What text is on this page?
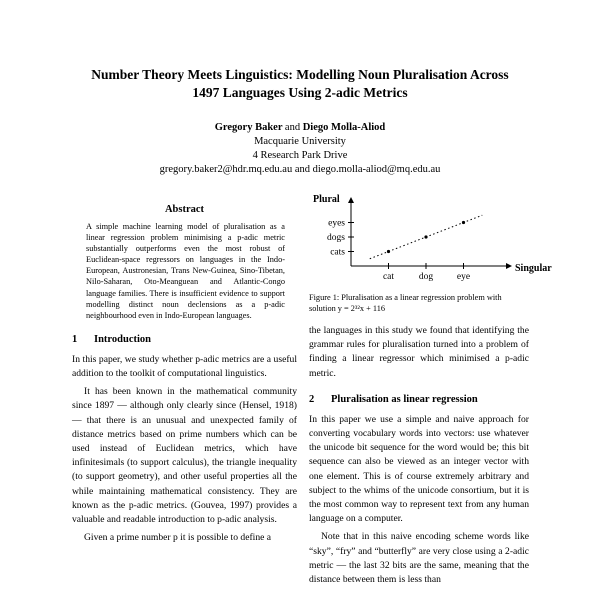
Number Theory Meets Linguistics: Modelling Noun Pluralisation Across
1497 Languages Using 2-adic Metrics
Gregory Baker and Diego Molla-Aliod
Macquarie University
4 Research Park Drive
gregory.baker2@hdr.mq.edu.au and diego.molla-aliod@mq.edu.au
Abstract

A simple machine learning model of pluralisation as a linear regression problem minimising a p-adic metric substantially outperforms even the most robust of Euclidean-space regressors on languages in the Indo-European, Austronesian, Trans New-Guinea, Sino-Tibetan, Nilo-Saharan, Oto-Meanguean and Atlantic-Congo language families. There is insufficient evidence to support modelling distinct noun declensions as a p-adic neighbourhood even in Indo-European languages.

1 Introduction

In this paper, we study whether p-adic metrics are a useful addition to the toolkit of computational linguistics.

It has been known in the mathematical community since 1897 — although only clearly since (Hensel, 1918) — that there is an unusual and unexpected family of distance metrics based on prime numbers which can be used instead of Euclidean metrics, which have infinitesimals (to support calculus), the triangle inequality (to support geometry), and other useful properties all the while maintaining mathematical consistency. They are known as the p-adic metrics. (Gouvea, 1997) provides a valuable and readable introduction to p-adic analysis.

Given a prime number p it is possible to define a

Plural
Singular
cat	dog	eye
cats
dogs
eyes
Figure 1: Pluralisation as a linear regression problem with solution y = 2³²x + 116

the languages in this study we found that identifying the grammar rules for pluralisation turned into a problem of finding a linear regressor which minimised a p-adic metric.

2 Pluralisation as linear regression

In this paper we use a simple and naive approach for converting vocabulary words into vectors: use whatever the unicode bit sequence for the word would be; this bit sequence can also be viewed as an integer vector with one element. This is of course extremely arbitrary and subject to the whims of the unicode consortium, but it is the most common way to represent text from any human language on a computer.

Note that in this naive encoding scheme words like “sky”, “fry” and “butterfly” are very close using a 2-adic metric — the last 32 bits are the same, meaning that the distance between them is less than
